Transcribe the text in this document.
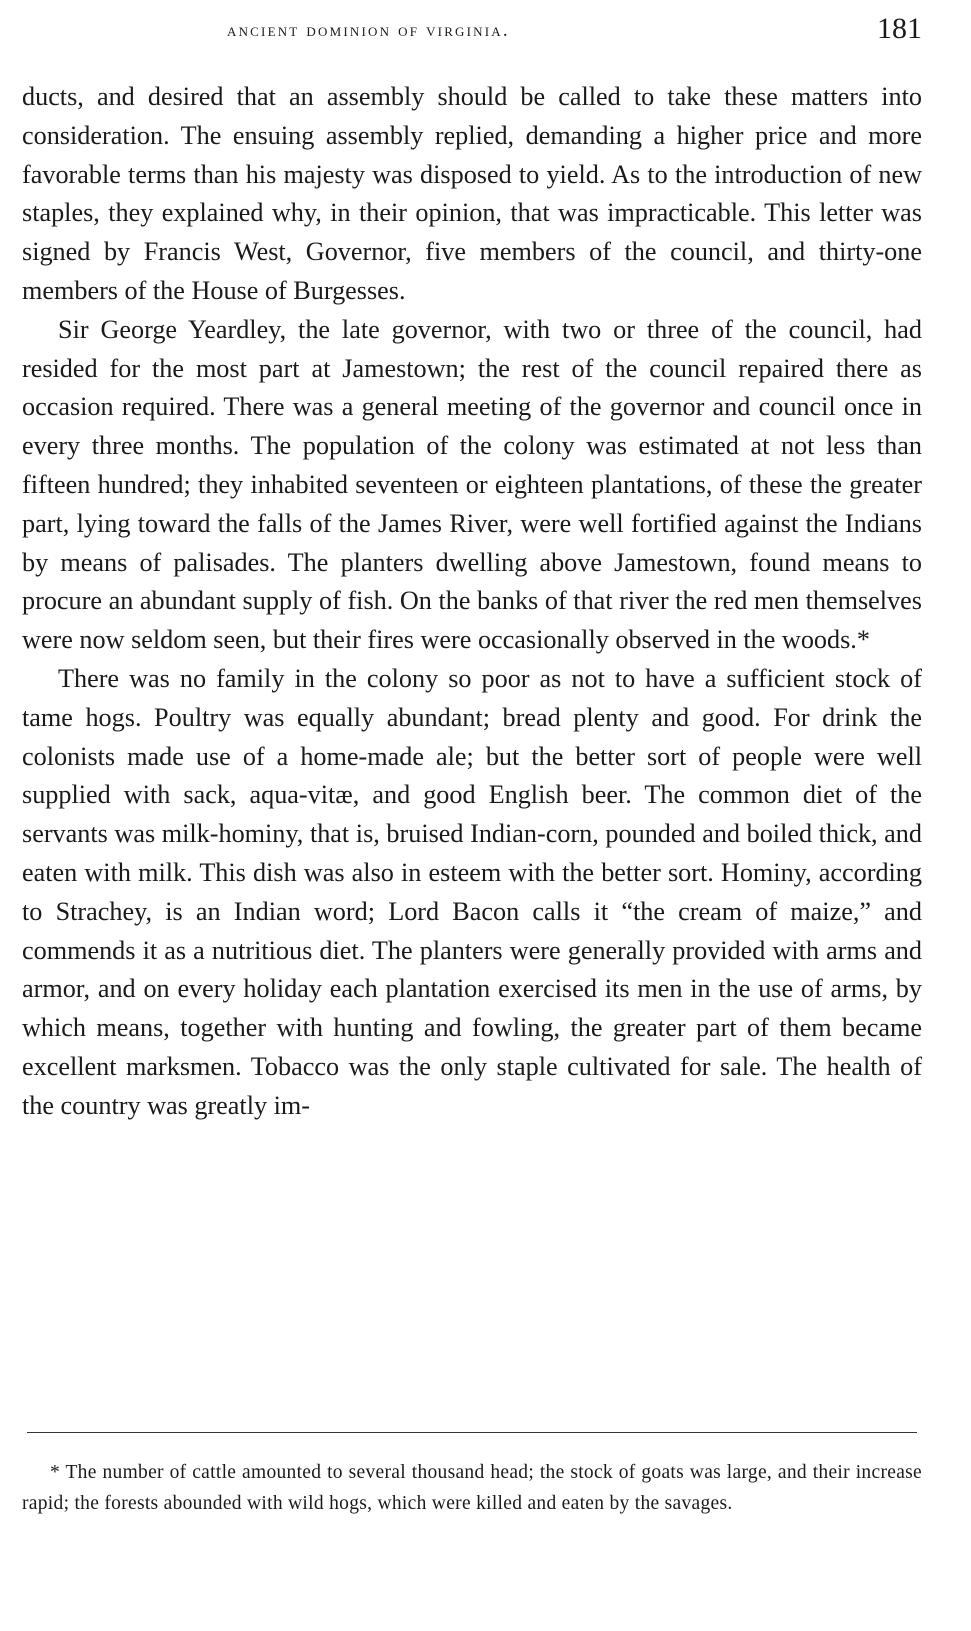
ancient dominion of virginia.	181

ducts, and desired that an assembly should be called to take these matters into consideration. The ensuing assembly replied, demanding a higher price and more favorable terms than his majesty was disposed to yield. As to the introduction of new staples, they explained why, in their opinion, that was impracticable. This letter was signed by Francis West, Governor, five members of the council, and thirty-one members of the House of Burgesses.

Sir George Yeardley, the late governor, with two or three of the council, had resided for the most part at Jamestown; the rest of the council repaired there as occasion required. There was a general meeting of the governor and council once in every three months. The population of the colony was estimated at not less than fifteen hundred; they inhabited seventeen or eighteen plantations, of these the greater part, lying toward the falls of the James River, were well fortified against the Indians by means of palisades. The planters dwelling above Jamestown, found means to procure an abundant supply of fish. On the banks of that river the red men themselves were now seldom seen, but their fires were occasionally observed in the woods.*

There was no family in the colony so poor as not to have a sufficient stock of tame hogs. Poultry was equally abundant; bread plenty and good. For drink the colonists made use of a home-made ale; but the better sort of people were well supplied with sack, aqua-vitæ, and good English beer. The common diet of the servants was milk-hominy, that is, bruised Indian-corn, pounded and boiled thick, and eaten with milk. This dish was also in esteem with the better sort. Hominy, according to Strachey, is an Indian word; Lord Bacon calls it “the cream of maize,” and commends it as a nutritious diet. The planters were generally provided with arms and armor, and on every holiday each plantation exercised its men in the use of arms, by which means, together with hunting and fowling, the greater part of them became excellent marksmen. Tobacco was the only staple cultivated for sale. The health of the country was greatly im-

* The number of cattle amounted to several thousand head; the stock of goats was large, and their increase rapid; the forests abounded with wild hogs, which were killed and eaten by the savages.
